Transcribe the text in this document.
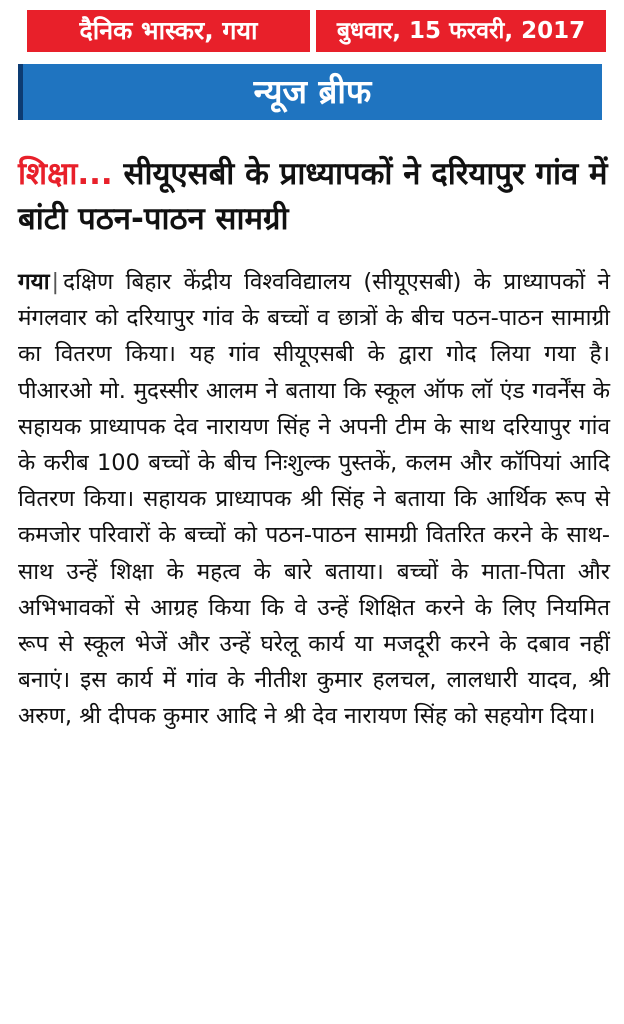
दैनिक भास्कर, गया	बुधवार, 15 फरवरी, 2017
न्यूज ब्रीफ
शिक्षा... सीयूएसबी के प्राध्यापकों ने दरियापुर गांव में बांटी पठन-पाठन सामग्री

गया| दक्षिण बिहार केंद्रीय विश्वविद्यालय (सीयूएसबी) के प्राध्यापकों ने मंगलवार को दरियापुर गांव के बच्चों व छात्रों के बीच पठन-पाठन सामाग्री का वितरण किया। यह गांव सीयूएसबी के द्वारा गोद लिया गया है। पीआरओ मो. मुदस्सीर आलम ने बताया कि स्कूल ऑफ लॉ एंड गवर्नेंस के सहायक प्राध्यापक देव नारायण सिंह ने अपनी टीम के साथ दरियापुर गांव के करीब 100 बच्चों के बीच निःशुल्क पुस्तकें, कलम और कॉपियां आदि वितरण किया। सहायक प्राध्यापक श्री सिंह ने बताया कि आर्थिक रूप से कमजोर परिवारों के बच्चों को पठन-पाठन सामग्री वितरित करने के साथ-साथ उन्हें शिक्षा के महत्व के बारे बताया। बच्चों के माता-पिता और अभिभावकों से आग्रह किया कि वे उन्हें शिक्षित करने के लिए नियमित रूप से स्कूल भेजें और उन्हें घरेलू कार्य या मजदूरी करने के दबाव नहीं बनाएं। इस कार्य में गांव के नीतीश कुमार हलचल, लालधारी यादव, श्री अरुण, श्री दीपक कुमार आदि ने श्री देव नारायण सिंह को सहयोग दिया।
